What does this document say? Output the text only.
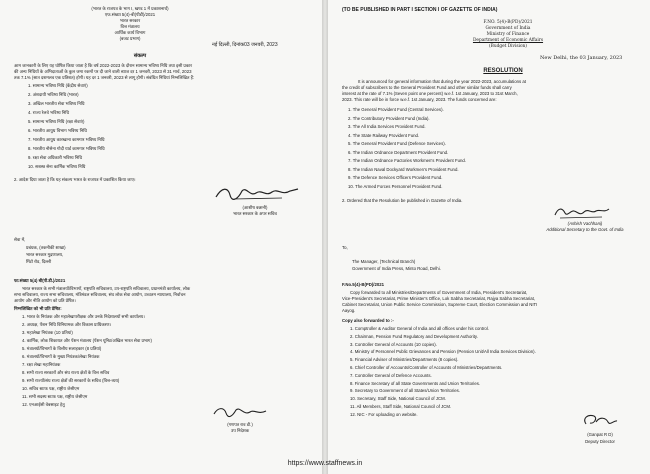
(भारत के राजपत्र के भाग I, खण्ड 1 में प्रकाशनार्थ)
एफ.संख्या 5(4)-बी(पीडी)/2021
भारत सरकार
वित्त मंत्रालय
आर्थिक कार्य विभाग
(बजट प्रभाग)
नई दिल्ली, दिनांक03 जनवरी, 2023
संकल्प
आम जानकारी के लिए यह घोषित किया जाता है कि वर्ष 2022-2023 के दौरान सामान्य भविष्य निधि तथा इसी प्रकार
की अन्य निधियों के अभिदाताओं के कुल जमा रकमों पर दी जाने वाली ब्याज दर 1 जनवरी, 2023 से 31 मार्च, 2023
तक 7.1% (सात दशमलव एक प्रतिशत) होगी। यह दर 1 जनवरी, 2023 से लागू होगी। संबंधित निधियां निम्नलिखित हैं:
1. सामान्य भविष्य निधि (केंद्रीय सेवाएं)
2. अंशदायी भविष्य निधि (भारत)
3. अखिल भारतीय सेवा भविष्य निधि
4. राज्य रेलवे भविष्य निधि
5. सामान्य भविष्य निधि (रक्षा सेवाएं)
6. भारतीय आयुध विभाग भविष्य निधि
7. भारतीय आयुध कारखाना कामगार भविष्य निधि
8. भारतीय नौसेना गोदी यार्ड कामगार भविष्य निधि
9. रक्षा सेवा अधिकारी भविष्य निधि
10. सशस्त्र सेना कार्मिक भविष्य निधि
2. आदेश दिया जाता है कि यह संकल्प भारत के राजपत्र में प्रकाशित किया जाए।
(आशीष वछानी)
भारत सरकार के अपर सचिव
सेवा में,
प्रबंधक, (तकनीकी शाखा)
भारत सरकार मुद्रणालय,
मिंटो रोड, दिल्ली
फा.संख्या 5(4) बी(पी.डी.)/2021
भारत सरकार के सभी मंत्रालयों/विभागों, राष्ट्रपति सचिवालय, उप-राष्ट्रपति सचिवालय, प्रधानमंत्री कार्यालय, लोक
सभा सचिवालय, राज्य सभा सचिवालय, मंत्रिमंडल सचिवालय, संघ लोक सेवा आयोग, उच्चतम न्यायालय, निर्वाचन
आयोग और नीति आयोग को प्रति प्रेषित।
निम्नलिखित को भी प्रति प्रेषित:
1. भारत के नियंत्रक और महालेखापरीक्षक और उनके निदेशालयों सभी कार्यालय।
2. अध्यक्ष, पेंशन निधि विनियामक और विकास प्राधिकरण।
3. महालेखा नियंत्रक (10 प्रतियां)
4. कार्मिक, लोक शिकायत और पेंशन मंत्रालय (पेंशन यूनिट/अखिल भारत सेवा प्रभाग)
5. मंत्रालयों/विभागों के वित्तीय सलाहकार (8 प्रतियां)
6. मंत्रालयों/विभागों के मुख्य नियंत्रक/लेखा नियंत्रक
7. रक्षा लेखा महानियंत्रक
8. सभी राज्य सरकारों और संघ राज्य क्षेत्रों के वित्त सचिव
9. सभी राज्यों/संघ राज्य क्षेत्रों की सरकारों के सचिव (वित्त-व्यय)
10. सचिव स्टाफ पक्ष, राष्ट्रीय जेसीएम
11. सभी सदस्य स्टाफ पक्ष, राष्ट्रीय जेसीएम
12. एनआईसी वेबसाइट हेतु
(गणपत राव डी.)
उप निदेशक
(TO BE PUBLISHED IN PART I SECTION I OF GAZETTE OF INDIA)
F.NO. 5(4)-B(PD)/2021
Government of India
Ministry of Finance
Department of Economic Affairs
(Budget Division)
New Delhi, the 03 January, 2023
RESOLUTION
It is announced for general information that during the year 2022-2023, accumulations at
the credit of subscribers to the General Provident Fund and other similar funds shall carry
interest at the rate of 7.1% (Seven point one percent) w.e.f. 1st January, 2023 to 31st March,
2023. This rate will be in force w.e.f. 1st January, 2023. The funds concerned are:
1. The General Provident Fund (Central Services).
2. The Contributory Provident Fund (India).
3. The All India Services Provident Fund.
4. The State Railway Provident Fund.
5. The General Provident Fund (Defence Services).
6. The Indian Ordnance Department Provident Fund.
7. The Indian Ordnance Factories Workmen's Provident Fund.
8. The Indian Naval Dockyard Workmen's Provident Fund.
9. The Defence Services Officers Provident Fund.
10. The Armed Forces Personnel Provident Fund.
2. Ordered that the Resolution be published in Gazette of India.
(Ashish Vachhani)
Additional Secretary to the Govt. of India
To,
The Manager, (Technical Branch)
Government of India Press, Minto Road, Delhi.
F.No.5(4)-B(PD)/2021
Copy forwarded to all Ministries/Departments of Government of India, President's Secretariat,
Vice-President's Secretariat, Prime Minister's Office, Lok Sabha Secretariat, Rajya Sabha Secretariat,
Cabinet Secretariat, Union Public Service Commission, Supreme Court, Election Commission and NITI
Aayog.
Copy also forwarded to :-
1. Comptroller & Auditor General of India and all offices under his control.
2. Chairman, Pension Fund Regulatory and Development Authority.
3. Controller General of Accounts (10 copies).
4. Ministry of Personnel Public Grievances and Pension (Pension Unit/All India Services Division).
5. Financial Adviser of Ministries/Departments (8 copies).
6. Chief Controller of Accounts/Controller of Accounts of Ministries/Departments.
7. Controller General of Defence Accounts.
8. Finance Secretary of all State Governments and Union Territories.
9. Secretary to Government of all States/Union Territories.
10. Secretary, Staff Side, National Council of JCM.
11. All Members, Staff Side, National Council of JCM.
12. NIC - For uploading on website.
(Ganpat R D)
Deputy Director
https://www.staffnews.in
